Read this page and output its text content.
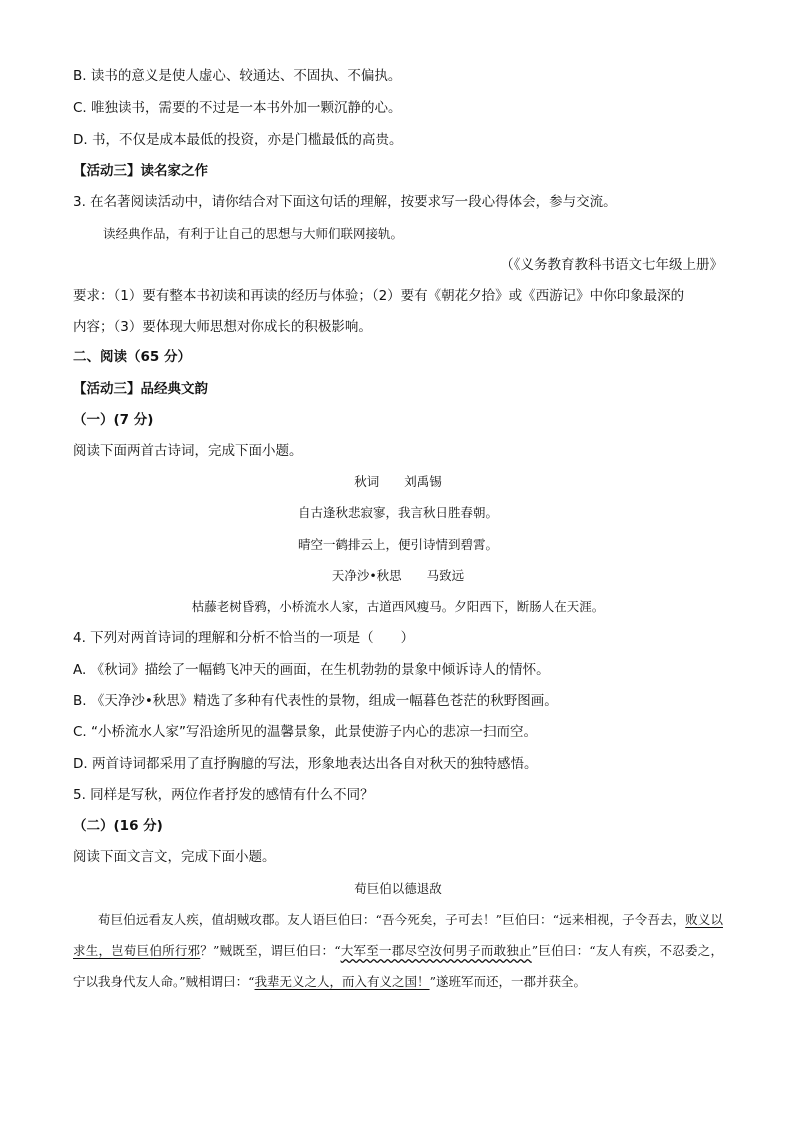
B. 读书的意义是使人虚心、较通达、不固执、不偏执。
C. 唯独读书，需要的不过是一本书外加一颗沉静的心。
D. 书，不仅是成本最低的投资，亦是门槛最低的高贵。
【活动三】读名家之作
3. 在名著阅读活动中，请你结合对下面这句话的理解，按要求写一段心得体会，参与交流。
读经典作品，有利于让自己的思想与大师们联网接轨。
（《义务教育教科书语文七年级上册》
要求：（1）要有整本书初读和再读的经历与体验；（2）要有《朝花夕拾》或《西游记》中你印象最深的
内容；（3）要体现大师思想对你成长的积极影响。
二、阅读（65 分）
【活动三】品经典文韵
（一）(7 分)
阅读下面两首古诗词，完成下面小题。
秋词　　刘禹锡
自古逢秋悲寂寥，我言秋日胜春朝。
晴空一鹤排云上，便引诗情到碧霄。
天净沙•秋思　　马致远
枯藤老树昏鸦，小桥流水人家，古道西风瘦马。夕阳西下，断肠人在天涯。
4. 下列对两首诗词的理解和分析不恰当的一项是（　　）
A. 《秋词》描绘了一幅鹤飞冲天的画面，在生机勃勃的景象中倾诉诗人的情怀。
B. 《天净沙•秋思》精选了多种有代表性的景物，组成一幅暮色苍茫的秋野图画。
C. “小桥流水人家”写沿途所见的温馨景象，此景使游子内心的悲凉一扫而空。
D. 两首诗词都采用了直抒胸臆的写法，形象地表达出各自对秋天的独特感悟。
5. 同样是写秋，两位作者抒发的感情有什么不同？
（二）(16 分)
阅读下面文言文，完成下面小题。
荀巨伯以德退敌
荀巨伯远看友人疾，值胡贼攻郡。友人语巨伯曰：“吾今死矣，子可去！”巨伯曰：“远来相视，子令吾去，败义以求生，岂荀巨伯所行邪？”贼既至，谓巨伯曰：“大军至一郡尽空汝何男子而敢独止”巨伯曰：“友人有疾，不忍委之，宁以我身代友人命。”贼相谓曰：“我辈无义之人，而入有义之国！”遂班军而还，一郡并获全。
